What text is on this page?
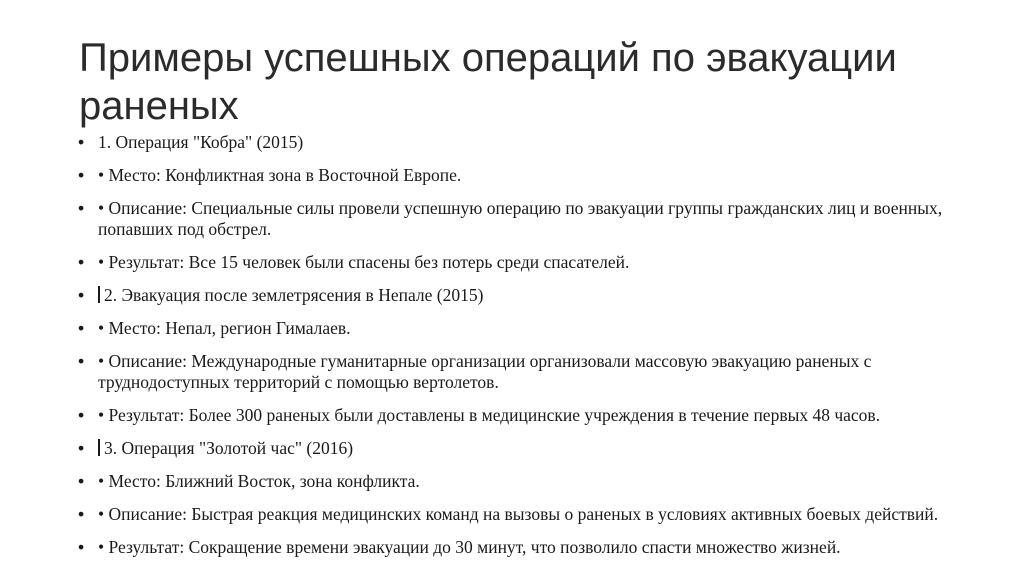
Примеры успешных операций по эвакуации раненых
• 1. Операция "Кобра" (2015)
• • Место: Конфликтная зона в Восточной Европе.
• • Описание: Специальные силы провели успешную операцию по эвакуации группы гражданских лиц и военных, попавших под обстрел.
• • Результат: Все 15 человек были спасены без потерь среди спасателей.
• 2. Эвакуация после землетрясения в Непале (2015)
• • Место: Непал, регион Гималаев.
• • Описание: Международные гуманитарные организации организовали массовую эвакуацию раненых с труднодоступных территорий с помощью вертолетов.
• • Результат: Более 300 раненых были доставлены в медицинские учреждения в течение первых 48 часов.
• 3. Операция "Золотой час" (2016)
• • Место: Ближний Восток, зона конфликта.
• • Описание: Быстрая реакция медицинских команд на вызовы о раненых в условиях активных боевых действий.
• • Результат: Сокращение времени эвакуации до 30 минут, что позволило спасти множество жизней.
